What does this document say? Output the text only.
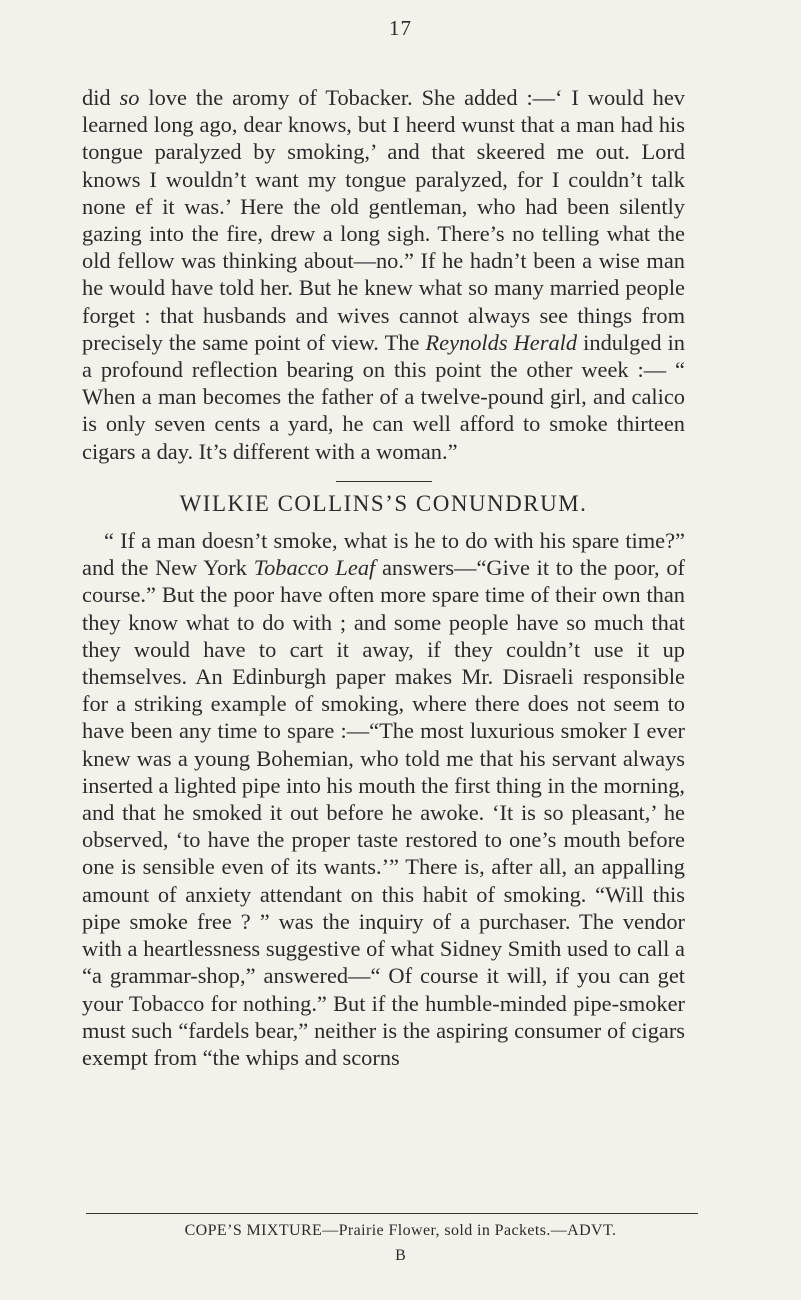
17

did so love the aromy of Tobacker. She added :—‘ I would hev learned long ago, dear knows, but I heerd wunst that a man had his tongue paralyzed by smoking,’ and that skeered me out. Lord knows I wouldn’t want my tongue paralyzed, for I couldn’t talk none ef it was.’ Here the old gentleman, who had been silently gazing into the fire, drew a long sigh. There’s no telling what the old fellow was thinking about—no.” If he hadn’t been a wise man he would have told her. But he knew what so many married people forget : that husbands and wives cannot always see things from precisely the same point of view. The Reynolds Herald indulged in a profound reflection bearing on this point the other week :— “ When a man becomes the father of a twelve-pound girl, and calico is only seven cents a yard, he can well afford to smoke thirteen cigars a day. It’s different with a woman.”

WILKIE COLLINS’S CONUNDRUM.

“ If a man doesn’t smoke, what is he to do with his spare time?” and the New York Tobacco Leaf answers—“Give it to the poor, of course.” But the poor have often more spare time of their own than they know what to do with ; and some people have so much that they would have to cart it away, if they couldn’t use it up themselves. An Edinburgh paper makes Mr. Disraeli responsible for a striking example of smoking, where there does not seem to have been any time to spare :—“The most luxurious smoker I ever knew was a young Bohemian, who told me that his servant always inserted a lighted pipe into his mouth the first thing in the morning, and that he smoked it out before he awoke. ‘It is so pleasant,’ he observed, ‘to have the proper taste restored to one’s mouth before one is sensible even of its wants.’” There is, after all, an appalling amount of anxiety attendant on this habit of smoking. “Will this pipe smoke free ? ” was the inquiry of a purchaser. The vendor with a heartlessness suggestive of what Sidney Smith used to call a “a grammar-shop,” answered—“ Of course it will, if you can get your Tobacco for nothing.” But if the humble-minded pipe-smoker must such “fardels bear,” neither is the aspiring consumer of cigars exempt from “the whips and scorns

COPE’S MIXTURE—Prairie Flower, sold in Packets.—ADVT.
B
